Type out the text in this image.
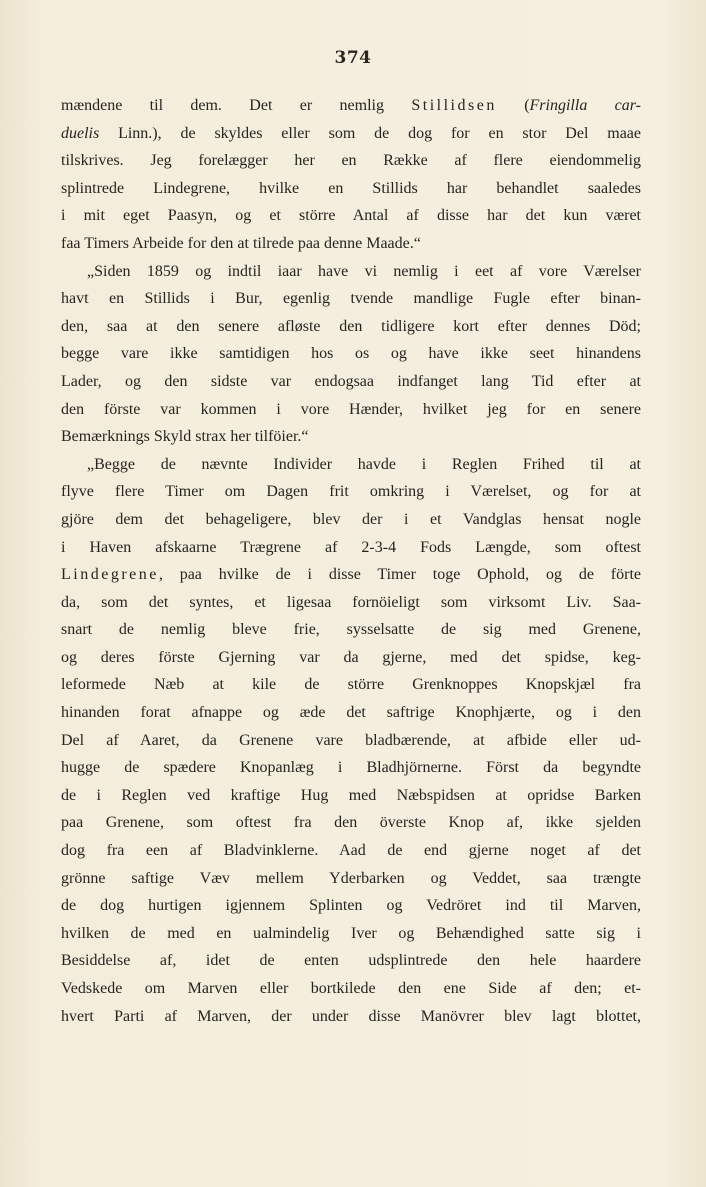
374
mændene til dem. Det er nemlig Stillidsen (Fringilla car-
duelis Linn.), de skyldes eller som de dog for en stor Del maae
tilskrives. Jeg forelægger her en Række af flere eiendommelig
splintrede Lindegrene, hvilke en Stillids har behandlet saaledes
i mit eget Paasyn, og et större Antal af disse har det kun været
faa Timers Arbeide for den at tilrede paa denne Maade.“
„Siden 1859 og indtil iaar have vi nemlig i eet af vore Værelser
havt en Stillids i Bur, egenlig tvende mandlige Fugle efter binan-
den, saa at den senere afløste den tidligere kort efter dennes Död;
begge vare ikke samtidigen hos os og have ikke seet hinandens
Lader, og den sidste var endogsaa indfanget lang Tid efter at
den förste var kommen i vore Hænder, hvilket jeg for en senere
Bemærknings Skyld strax her tilföier.“
„Begge de nævnte Individer havde i Reglen Frihed til at
flyve flere Timer om Dagen frit omkring i Værelset, og for at
gjöre dem det behageligere, blev der i et Vandglas hensat nogle
i Haven afskaarne Trægrene af 2-3-4 Fods Længde, som oftest
Lindegrene, paa hvilke de i disse Timer toge Ophold, og de förte
da, som det syntes, et ligesaa fornöieligt som virksomt Liv. Saa-
snart de nemlig bleve frie, sysselsatte de sig med Grenene,
og deres förste Gjerning var da gjerne, med det spidse, keg-
leformede Næb at kile de större Grenknoppes Knopskjæl fra
hinanden forat afnappe og æde det saftrige Knophjærte, og i den
Del af Aaret, da Grenene vare bladbærende, at afbide eller ud-
hugge de spædere Knopanlæg i Bladhjörnerne. Först da begyndte
de i Reglen ved kraftige Hug med Næbspidsen at opridse Barken
paa Grenene, som oftest fra den överste Knop af, ikke sjelden
dog fra een af Bladvinklerne. Aad de end gjerne noget af det
grönne saftige Væv mellem Yderbarken og Veddet, saa trængte
de dog hurtigen igjennem Splinten og Vedröret ind til Marven,
hvilken de med en ualmindelig Iver og Behændighed satte sig i
Besiddelse af, idet de enten udsplintrede den hele haardere
Vedskede om Marven eller bortkilede den ene Side af den; et-
hvert Parti af Marven, der under disse Manövrer blev lagt blottet,
